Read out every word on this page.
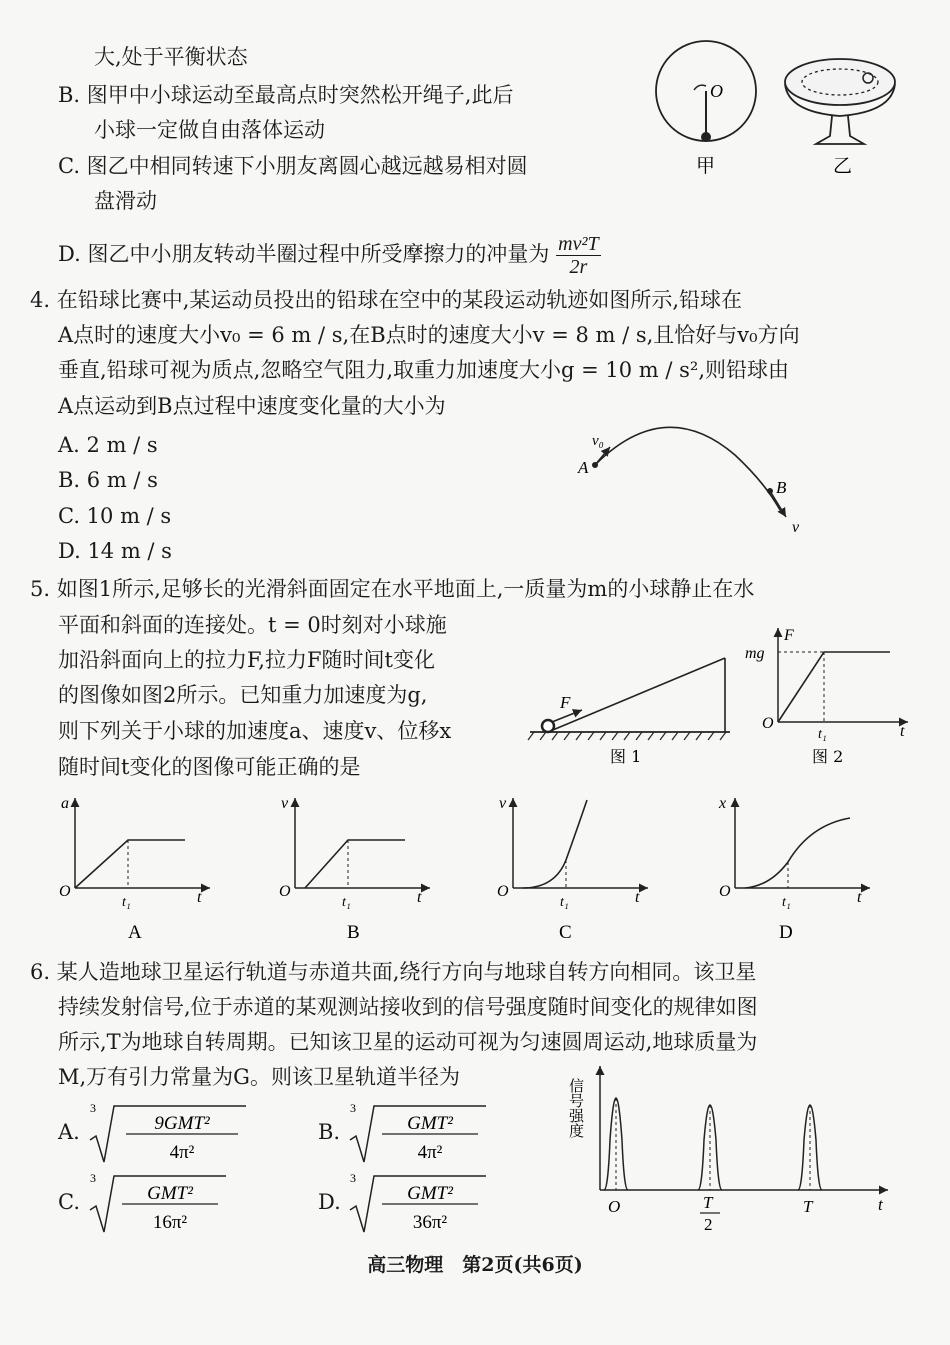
大,处于平衡状态
B. 图甲中小球运动至最高点时突然松开绳子,此后
小球一定做自由落体运动
C. 图乙中相同转速下小朋友离圆心越远越易相对圆
盘滑动
D. 图乙中小朋友转动半圈过程中所受摩擦力的冲量为 $\frac{\text{mv²T}}{2r}$
O
甲	乙
4. 在铅球比赛中,某运动员投出的铅球在空中的某段运动轨迹如图所示,铅球在
A点时的速度大小v₀ = 6 m / s,在B点时的速度大小v = 8 m / s,且恰好与v₀方向
垂直,铅球可视为质点,忽略空气阻力,取重力加速度大小g = 10 m / s²,则铅球由
A点运动到B点过程中速度变化量的大小为
A. 2 m / s
B. 6 m / s
C. 10 m / s
D. 14 m / s
v₀
A
B
v
5. 如图1所示,足够长的光滑斜面固定在水平地面上,一质量为m的小球静止在水
平面和斜面的连接处。t = 0时刻对小球施
加沿斜面向上的拉力F,拉力F随时间t变化
的图像如图2所示。已知重力加速度为g,
则下列关于小球的加速度a、速度v、位移x
随时间t变化的图像可能正确的是
F
图 1
F
mg
O
t₁	t
图 2
a
O
t₁	t
A
v
O
t₁	t
B
v
O
t₁	t
C
x
O
t₁	t
D
6. 某人造地球卫星运行轨道与赤道共面,绕行方向与地球自转方向相同。该卫星
持续发射信号,位于赤道的某观测站接收到的信号强度随时间变化的规律如图
所示,T为地球自转周期。已知该卫星的运动可视为匀速圆周运动,地球质量为
M,万有引力常量为G。则该卫星轨道半径为
A.
3
9GMT²
4π²
B.
3
GMT²
4π²
C.
3
GMT²
16π²
D.
3
GMT²
36π²
信号强度
O	T
2
T	t
高三物理　第2页(共6页)
